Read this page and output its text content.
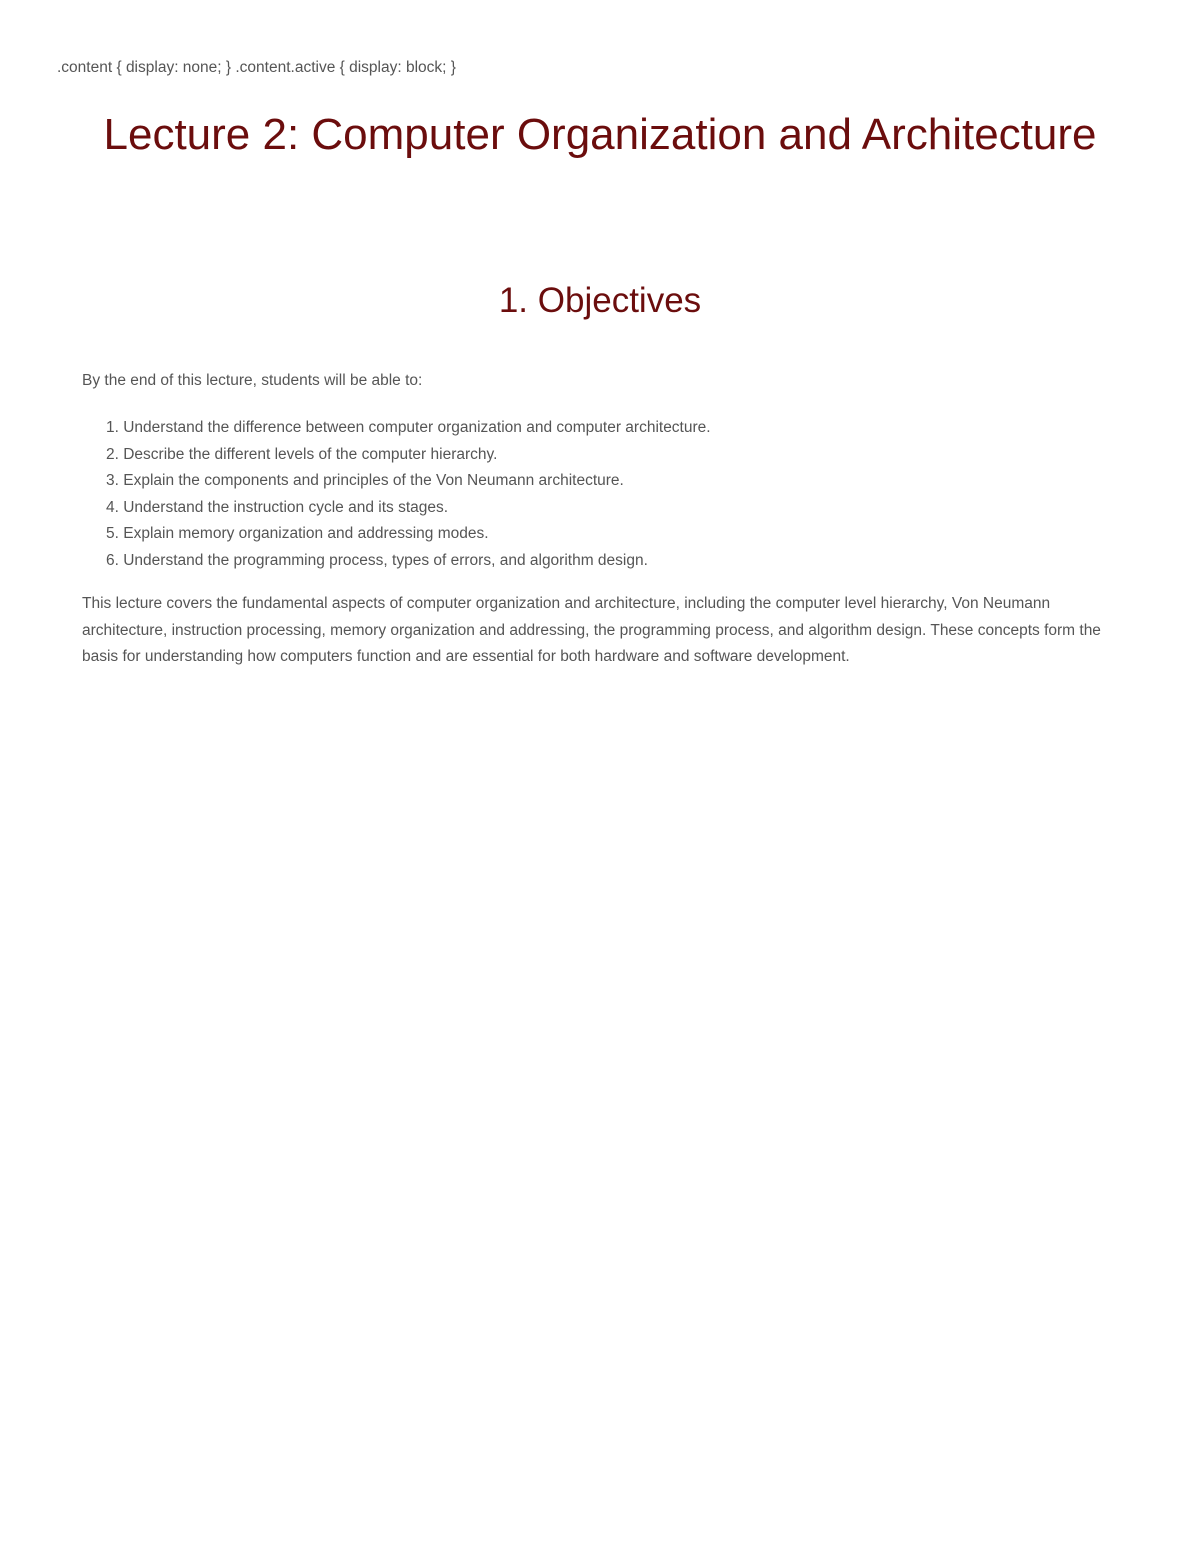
.content { display: none; } .content.active { display: block; }

Lecture 2: Computer Organization and Architecture
1. Objectives

By the end of this lecture, students will be able to:

1. Understand the difference between computer organization and computer architecture.
2. Describe the different levels of the computer hierarchy.
3. Explain the components and principles of the Von Neumann architecture.
4. Understand the instruction cycle and its stages.
5. Explain memory organization and addressing modes.
6. Understand the programming process, types of errors, and algorithm design.

This lecture covers the fundamental aspects of computer organization and architecture, including the computer level hierarchy, Von Neumann architecture, instruction processing, memory organization and addressing, the programming process, and algorithm design. These concepts form the basis for understanding how computers function and are essential for both hardware and software development.
